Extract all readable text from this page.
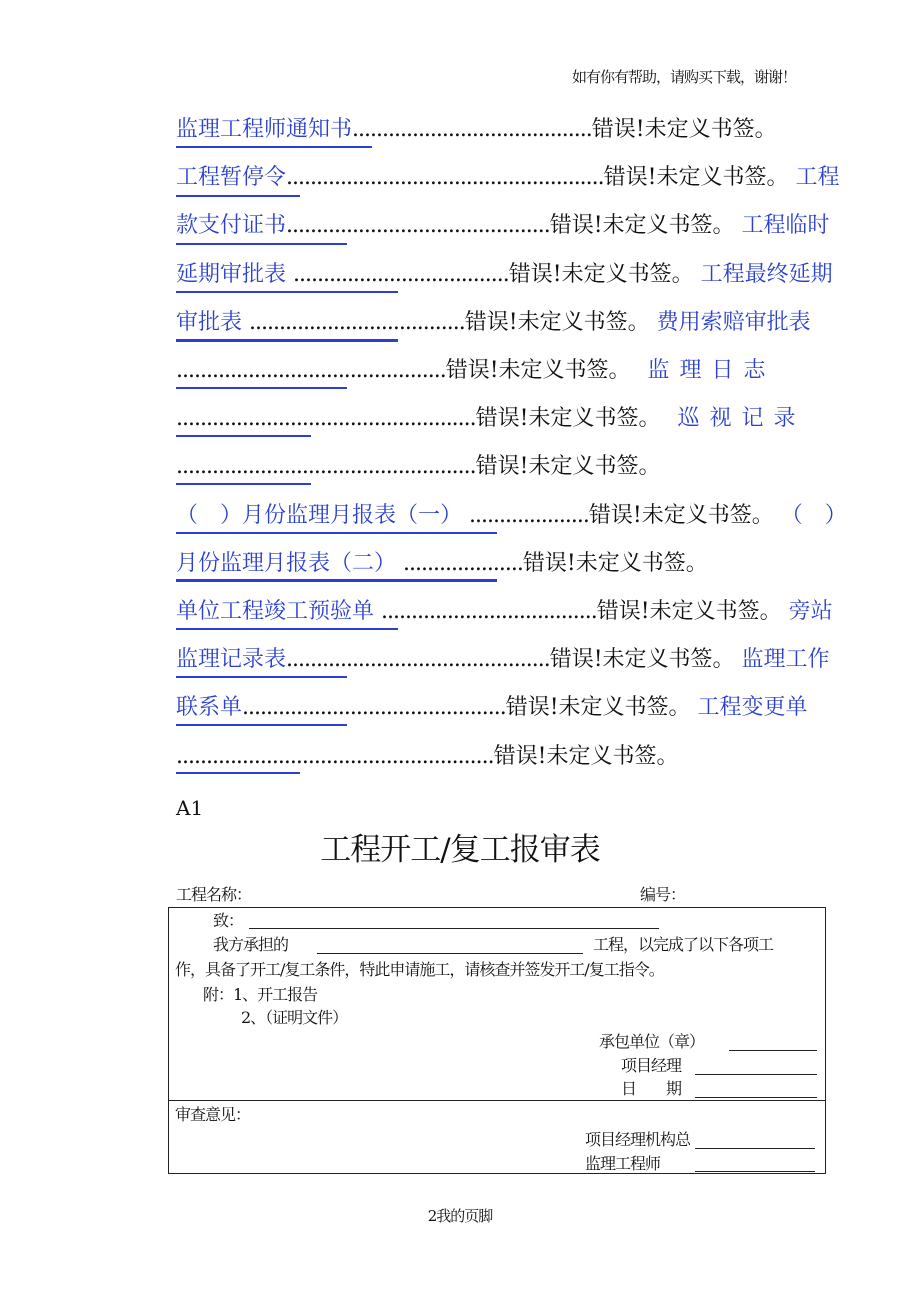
如有你有帮助，请购买下载，谢谢！
监理工程师通知书........................................错误!未定义书签。
工程暂停令.....................................................错误!未定义书签。 工程
款支付证书............................................错误!未定义书签。 工程临时
延期审批表 ....................................错误!未定义书签。 工程最终延期
审批表 ....................................错误!未定义书签。 费用索赔审批表
.............................................错误!未定义书签。 监理日志
..................................................错误!未定义书签。 巡视记录
..................................................错误!未定义书签。
（　）月份监理月报表（一） ....................错误!未定义书签。 （　）
月份监理月报表（二） ....................错误!未定义书签。
单位工程竣工预验单 ....................................错误!未定义书签。 旁站
监理记录表............................................错误!未定义书签。 监理工作
联系单............................................错误!未定义书签。 工程变更单
.....................................................错误!未定义书签。
A1
工程开工/复工报审表
工程名称：	编号：
致：
我方承担的	工程，以完成了以下各项工
作，具备了开工/复工条件，特此申请施工，请核查并签发开工/复工指令。
附：1、开工报告
2、（证明文件）
承包单位（章）
项目经理
日　　期
审查意见：
项目经理机构总
监理工程师
2我的页脚
